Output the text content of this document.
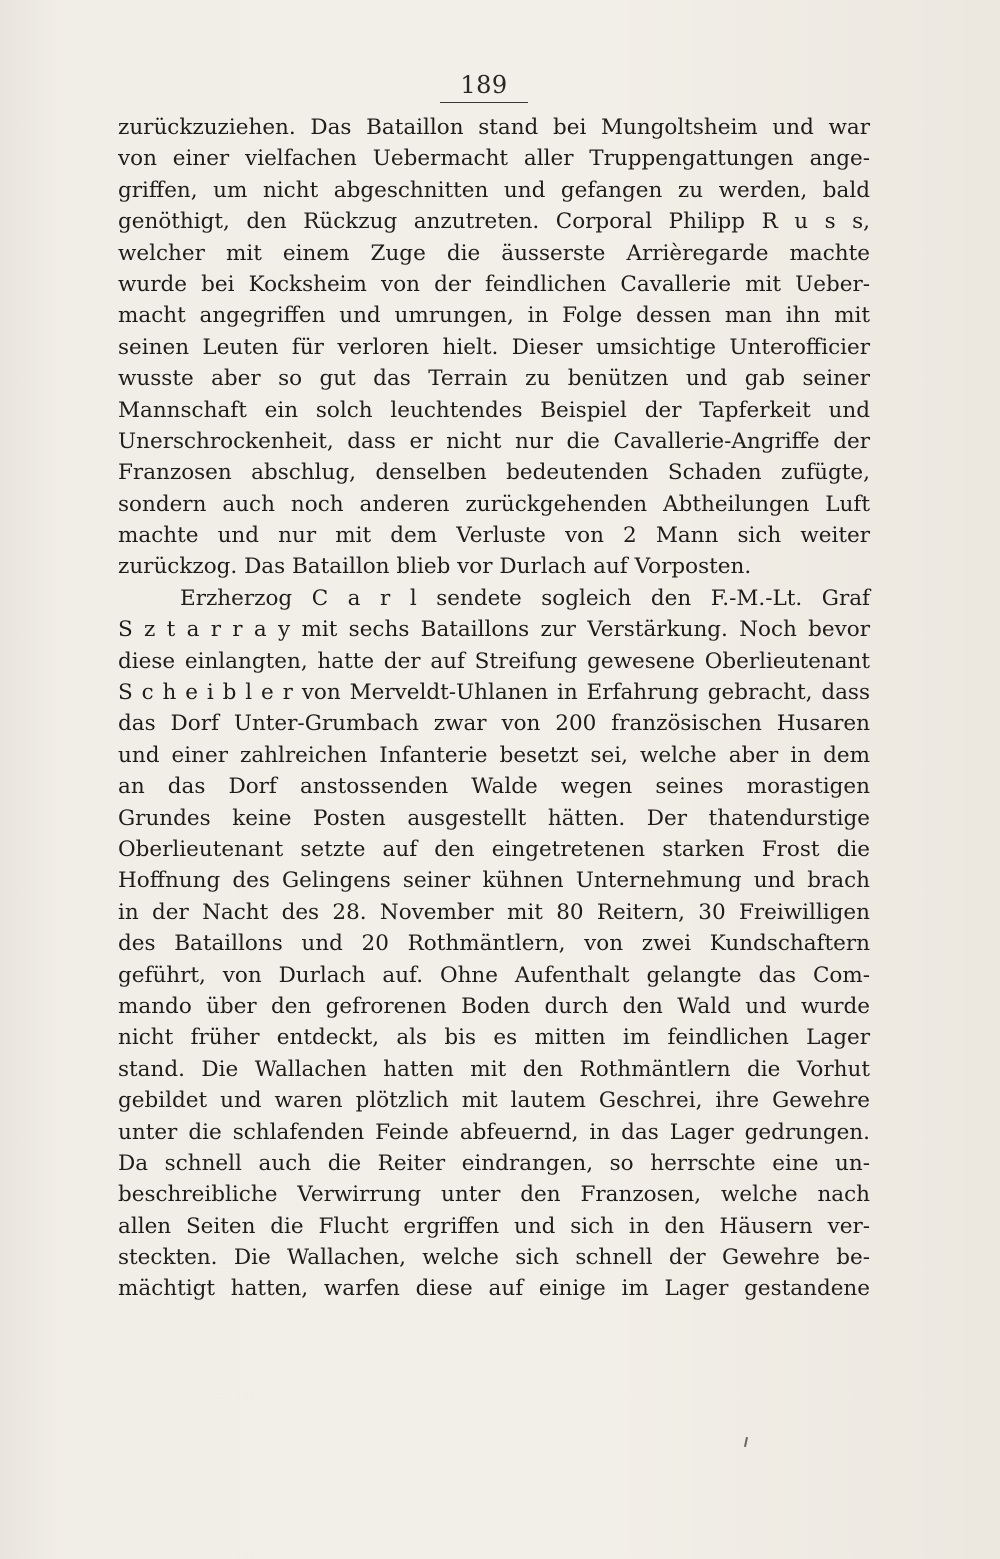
189
zurückzuziehen. Das Bataillon stand bei Mungoltsheim und war
von einer vielfachen Uebermacht aller Truppengattungen ange-
griffen, um nicht abgeschnitten und gefangen zu werden, bald
genöthigt, den Rückzug anzutreten. Corporal Philipp R u s s,
welcher mit einem Zuge die äusserste Arrièregarde machte
wurde bei Kocksheim von der feindlichen Cavallerie mit Ueber-
macht angegriffen und umrungen, in Folge dessen man ihn mit
seinen Leuten für verloren hielt. Dieser umsichtige Unterofficier
wusste aber so gut das Terrain zu benützen und gab seiner
Mannschaft ein solch leuchtendes Beispiel der Tapferkeit und
Unerschrockenheit, dass er nicht nur die Cavallerie-Angriffe der
Franzosen abschlug, denselben bedeutenden Schaden zufügte,
sondern auch noch anderen zurückgehenden Abtheilungen Luft
machte und nur mit dem Verluste von 2 Mann sich weiter
zurückzog. Das Bataillon blieb vor Durlach auf Vorposten.
Erzherzog C a r l sendete sogleich den F.-M.-Lt. Graf
S z t a r r a y mit sechs Bataillons zur Verstärkung. Noch bevor
diese einlangten, hatte der auf Streifung gewesene Oberlieutenant
S c h e i b l e r von Merveldt-Uhlanen in Erfahrung gebracht, dass
das Dorf Unter-Grumbach zwar von 200 französischen Husaren
und einer zahlreichen Infanterie besetzt sei, welche aber in dem
an das Dorf anstossenden Walde wegen seines morastigen
Grundes keine Posten ausgestellt hätten. Der thatendurstige
Oberlieutenant setzte auf den eingetretenen starken Frost die
Hoffnung des Gelingens seiner kühnen Unternehmung und brach
in der Nacht des 28. November mit 80 Reitern, 30 Freiwilligen
des Bataillons und 20 Rothmäntlern, von zwei Kundschaftern
geführt, von Durlach auf. Ohne Aufenthalt gelangte das Com-
mando über den gefrorenen Boden durch den Wald und wurde
nicht früher entdeckt, als bis es mitten im feindlichen Lager
stand. Die Wallachen hatten mit den Rothmäntlern die Vorhut
gebildet und waren plötzlich mit lautem Geschrei, ihre Gewehre
unter die schlafenden Feinde abfeuernd, in das Lager gedrungen.
Da schnell auch die Reiter eindrangen, so herrschte eine un-
beschreibliche Verwirrung unter den Franzosen, welche nach
allen Seiten die Flucht ergriffen und sich in den Häusern ver-
steckten. Die Wallachen, welche sich schnell der Gewehre be-
mächtigt hatten, warfen diese auf einige im Lager gestandene
